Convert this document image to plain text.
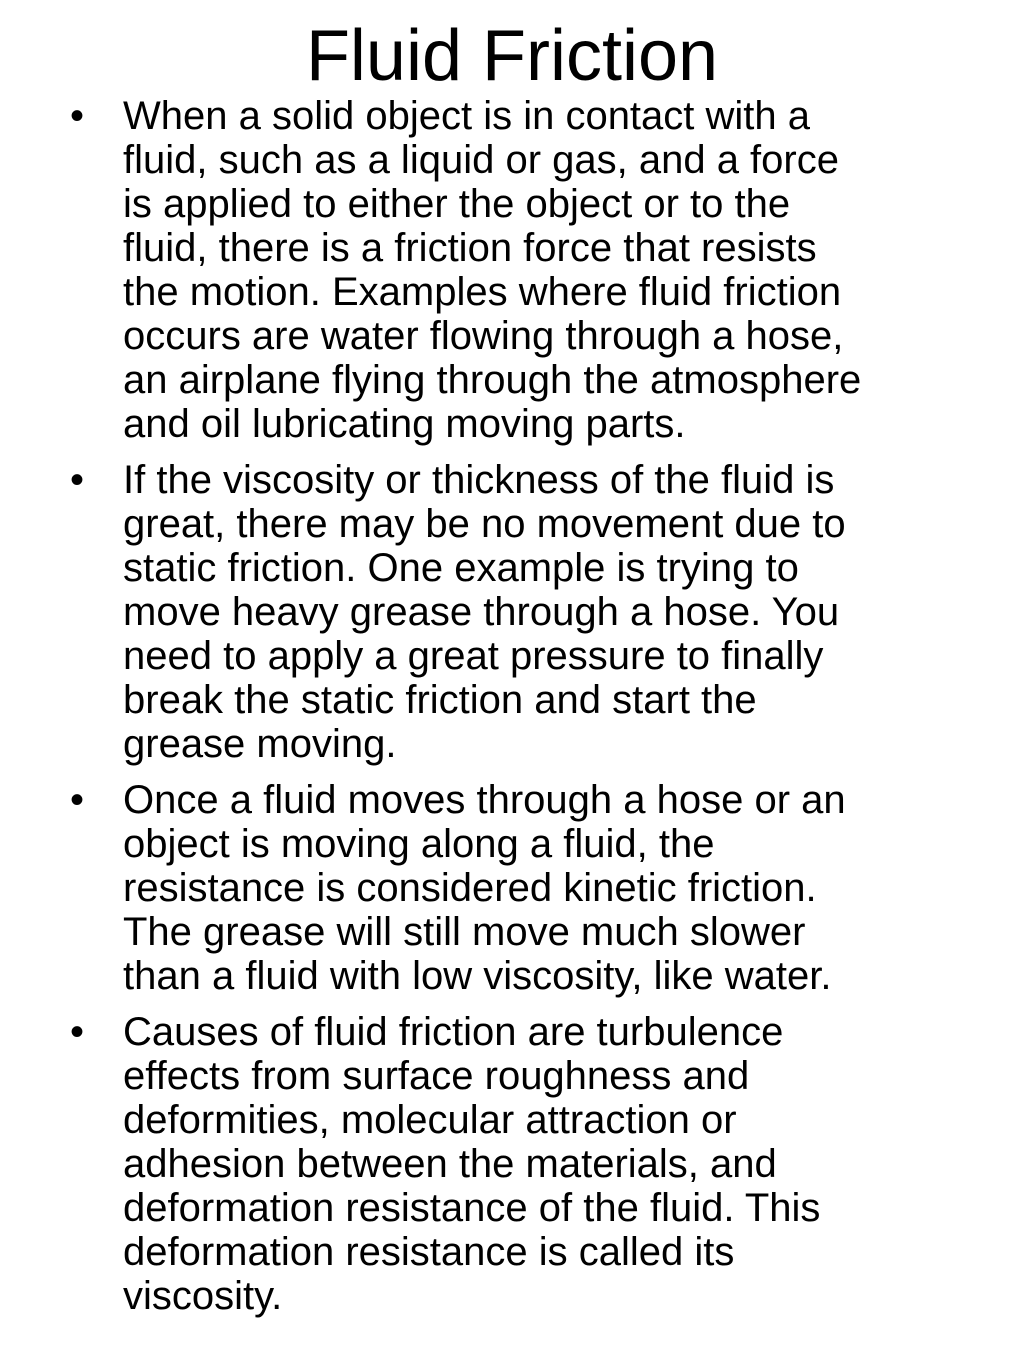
Fluid Friction
• When a solid object is in contact with a
fluid, such as a liquid or gas, and a force
is applied to either the object or to the
fluid, there is a friction force that resists
the motion. Examples where fluid friction
occurs are water flowing through a hose,
an airplane flying through the atmosphere
and oil lubricating moving parts.
• If the viscosity or thickness of the fluid is
great, there may be no movement due to
static friction. One example is trying to
move heavy grease through a hose. You
need to apply a great pressure to finally
break the static friction and start the
grease moving.
• Once a fluid moves through a hose or an
object is moving along a fluid, the
resistance is considered kinetic friction.
The grease will still move much slower
than a fluid with low viscosity, like water.
• Causes of fluid friction are turbulence
effects from surface roughness and
deformities, molecular attraction or
adhesion between the materials, and
deformation resistance of the fluid. This
deformation resistance is called its
viscosity.
